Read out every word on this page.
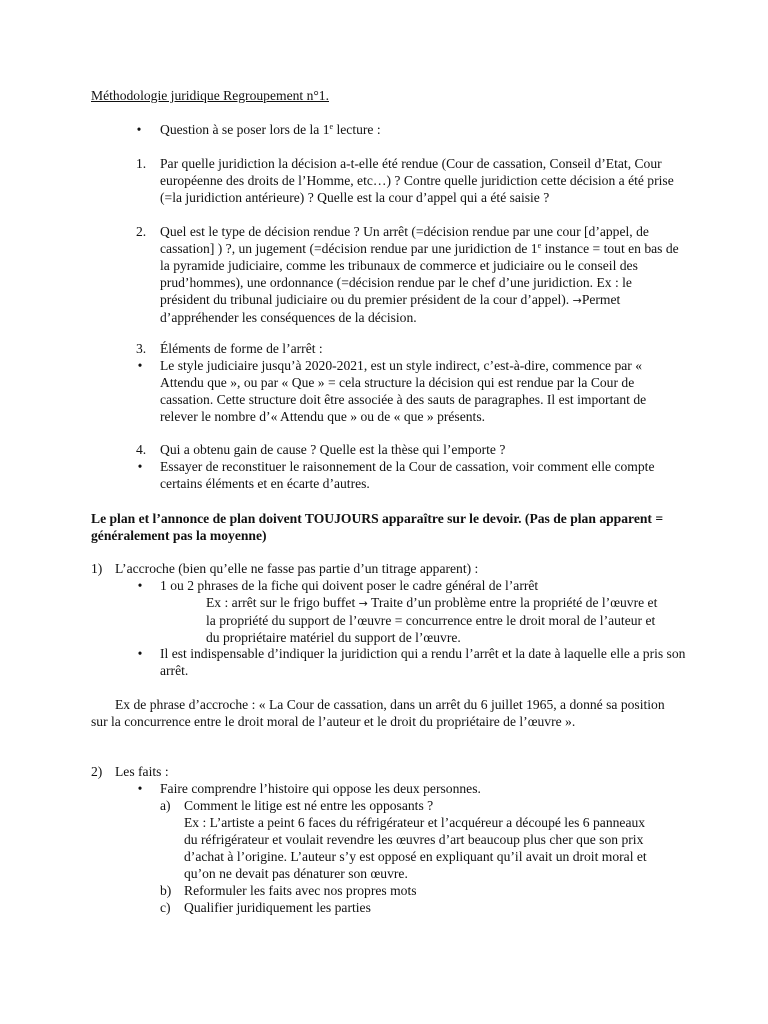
Méthodologie juridique Regroupement n°1.

• Question à se poser lors de la 1e lecture :
1. Par quelle juridiction la décision a-t-elle été rendue (Cour de cassation, Conseil d’Etat, Cour européenne des droits de l’Homme, etc…) ? Contre quelle juridiction cette décision a été prise (=la juridiction antérieure) ? Quelle est la cour d’appel qui a été saisie ?
2. Quel est le type de décision rendue ? Un arrêt (=décision rendue par une cour [d’appel, de cassation] ) ?, un jugement (=décision rendue par une juridiction de 1e instance = tout en bas de la pyramide judiciaire, comme les tribunaux de commerce et judiciaire ou le conseil des prud’hommes), une ordonnance (=décision rendue par le chef d’une juridiction. Ex : le président du tribunal judiciaire ou du premier président de la cour d’appel). →Permet d’appréhender les conséquences de la décision.
3. Éléments de forme de l’arrêt :
• Le style judiciaire jusqu’à 2020-2021, est un style indirect, c’est-à-dire, commence par « Attendu que », ou par « Que » = cela structure la décision qui est rendue par la Cour de cassation. Cette structure doit être associée à des sauts de paragraphes. Il est important de relever le nombre d’« Attendu que » ou de « que » présents.
4. Qui a obtenu gain de cause ? Quelle est la thèse qui l’emporte ?
• Essayer de reconstituer le raisonnement de la Cour de cassation, voir comment elle compte certains éléments et en écarte d’autres.

Le plan et l’annonce de plan doivent TOUJOURS apparaître sur le devoir. (Pas de plan apparent = généralement pas la moyenne)

1) L’accroche (bien qu’elle ne fasse pas partie d’un titrage apparent) :
• 1 ou 2 phrases de la fiche qui doivent poser le cadre général de l’arrêt
Ex : arrêt sur le frigo buffet → Traite d’un problème entre la propriété de l’œuvre et la propriété du support de l’œuvre = concurrence entre le droit moral de l’auteur et du propriétaire matériel du support de l’œuvre.
• Il est indispensable d’indiquer la juridiction qui a rendu l’arrêt et la date à laquelle elle a pris son arrêt.

Ex de phrase d’accroche : « La Cour de cassation, dans un arrêt du 6 juillet 1965, a donné sa position sur la concurrence entre le droit moral de l’auteur et le droit du propriétaire de l’œuvre ».

2) Les faits :
• Faire comprendre l’histoire qui oppose les deux personnes.
a) Comment le litige est né entre les opposants ?
Ex : L’artiste a peint 6 faces du réfrigérateur et l’acquéreur a découpé les 6 panneaux du réfrigérateur et voulait revendre les œuvres d’art beaucoup plus cher que son prix d’achat à l’origine. L’auteur s’y est opposé en expliquant qu’il avait un droit moral et qu’on ne devait pas dénaturer son œuvre.
b) Reformuler les faits avec nos propres mots
c) Qualifier juridiquement les parties
